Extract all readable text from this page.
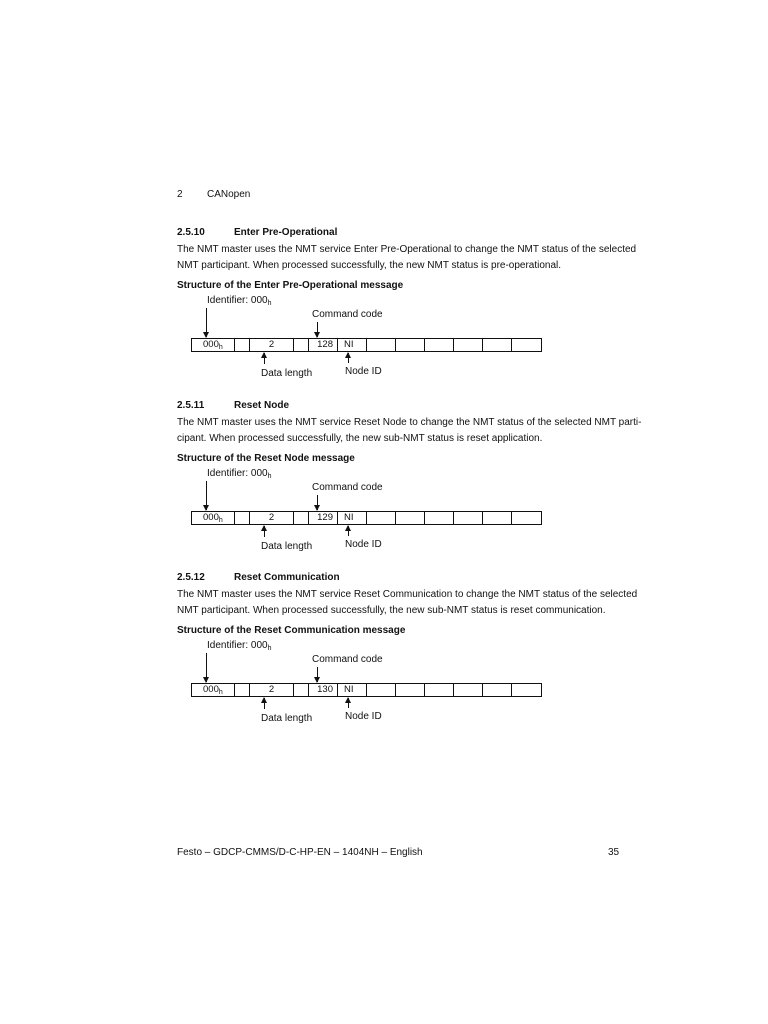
2 CANopen
2.5.10	Enter Pre-Operational
The NMT master uses the NMT service Enter Pre-Operational to change the NMT status of the selected
NMT participant. When processed successfully, the new NMT status is pre-operational.
Structure of the Enter Pre-Operational message
Identifier: $000_h$
Command code
$000_h$	2	128	NI
Data length	Node ID
2.5.11	Reset Node
The NMT master uses the NMT service Reset Node to change the NMT status of the selected NMT parti-
cipant. When processed successfully, the new sub-NMT status is reset application.
Structure of the Reset Node message
Identifier: $000_h$
Command code
$000_h$	2	129	NI
Data length	Node ID
2.5.12	Reset Communication
The NMT master uses the NMT service Reset Communication to change the NMT status of the selected
NMT participant. When processed successfully, the new sub-NMT status is reset communication.
Structure of the Reset Communication message
Identifier: $000_h$
Command code
$000_h$	2	130	NI
Data length	Node ID
Festo – GDCP-CMMS/D-C-HP-EN – 1404NH – English	35
